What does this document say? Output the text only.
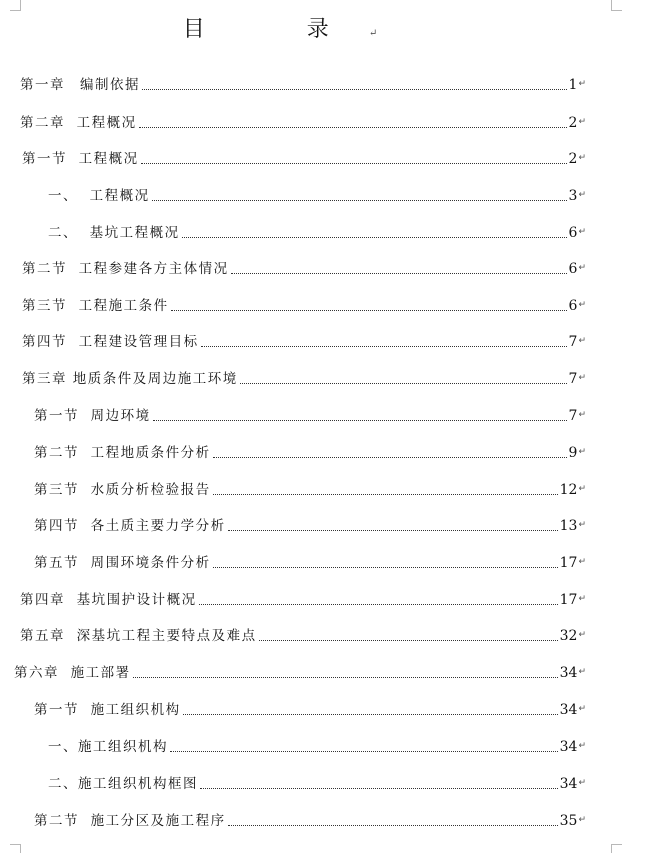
目　录↵
第一章　编制依据	1 ↵
第二章  工程概况	2 ↵
第一节  工程概况	2 ↵
一、  工程概况	3 ↵
二、  基坑工程概况	6 ↵
第二节  工程参建各方主体情况	6 ↵
第三节  工程施工条件	6 ↵
第四节  工程建设管理目标	7 ↵
第三章 地质条件及周边施工环境	7 ↵
第一节  周边环境	7 ↵
第二节  工程地质条件分析	9 ↵
第三节  水质分析检验报告	12 ↵
第四节  各土质主要力学分析	13 ↵
第五节  周围环境条件分析	17 ↵
第四章  基坑围护设计概况	17 ↵
第五章  深基坑工程主要特点及难点	32 ↵
第六章  施工部署	34 ↵
第一节  施工组织机构	34 ↵
一、施工组织机构	34 ↵
二、施工组织机构框图	34 ↵
第二节  施工分区及施工程序	35 ↵
